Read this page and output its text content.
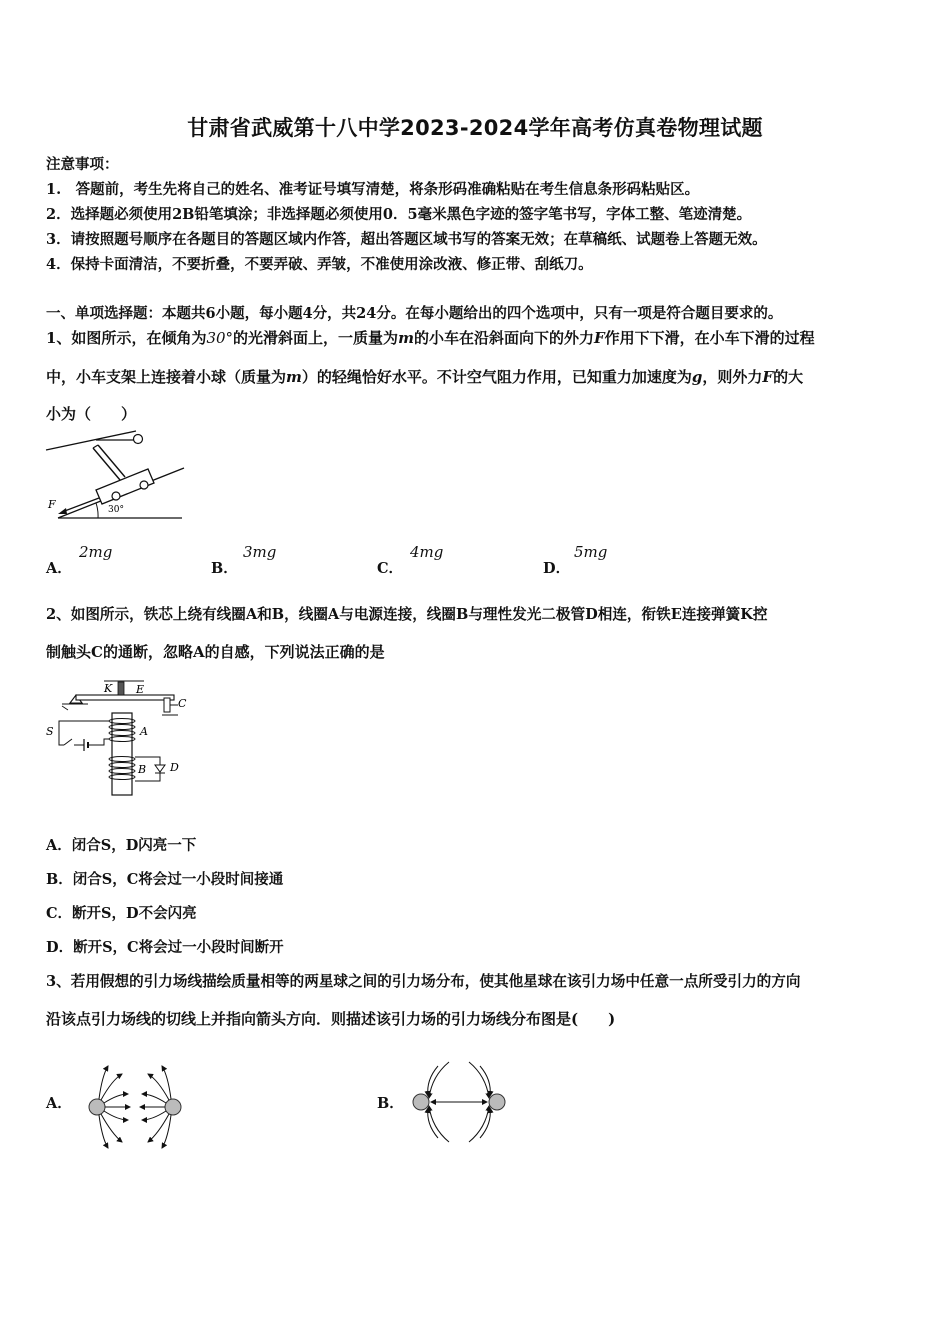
甘肃省武威第十八中学2023-2024学年高考仿真卷物理试题
注意事项：
1.　答题前，考生先将自己的姓名、准考证号填写清楚，将条形码准确粘贴在考生信息条形码粘贴区。
2．选择题必须使用2B铅笔填涂；非选择题必须使用0．5毫米黑色字迹的签字笔书写，字体工整、笔迹清楚。
3．请按照题号顺序在各题目的答题区域内作答，超出答题区域书写的答案无效；在草稿纸、试题卷上答题无效。
4．保持卡面清洁，不要折叠，不要弄破、弄皱，不准使用涂改液、修正带、刮纸刀。
一、单项选择题：本题共6小题，每小题4分，共24分。在每小题给出的四个选项中，只有一项是符合题目要求的。
1、如图所示，在倾角为30°的光滑斜面上，一质量为m的小车在沿斜面向下的外力F作用下下滑，在小车下滑的过程
中，小车支架上连接着小球（质量为m）的轻绳恰好水平。不计空气阻力作用，已知重力加速度为g，则外力F的大
小为（　　）
30°
F
A．
2mg
B．
3mg
C．
4mg
D．
5mg
2、如图所示，铁芯上绕有线圈A和B，线圈A与电源连接，线圈B与理性发光二极管D相连，衔铁E连接弹簧K控
制触头C的通断，忽略A的自感，下列说法正确的是
K E
C
A
B
S
D
A．闭合S，D闪亮一下
B．闭合S，C将会过一小段时间接通
C．断开S，D不会闪亮
D．断开S，C将会过一小段时间断开
3、若用假想的引力场线描绘质量相等的两星球之间的引力场分布，使其他星球在该引力场中任意一点所受引力的方向
沿该点引力场线的切线上并指向箭头方向．则描述该引力场的引力场线分布图是(　　)
A．	B．
